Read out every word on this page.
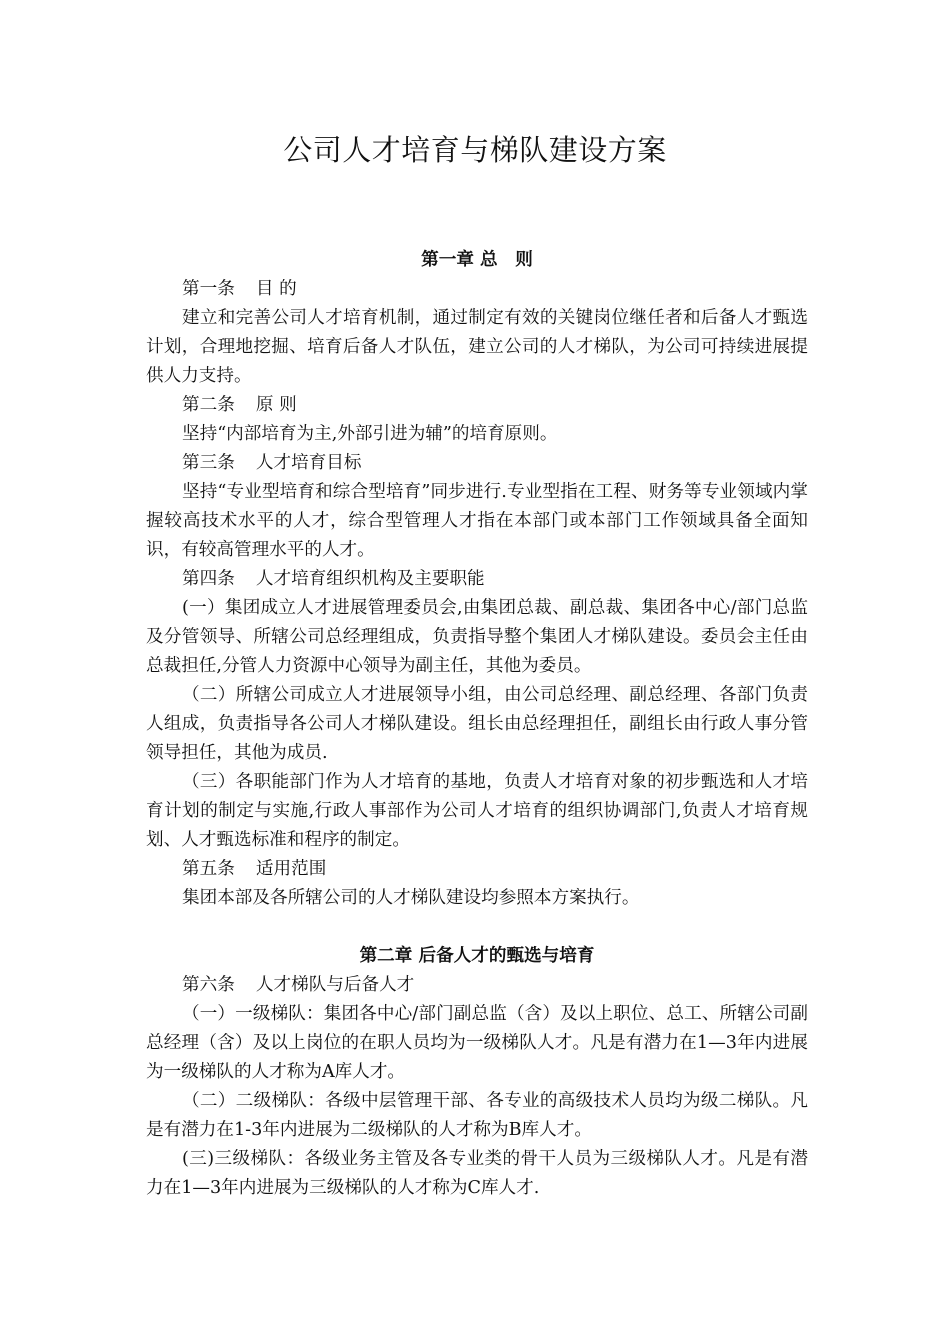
公司人才培育与梯队建设方案
第一章 总　则

第一条 目 的

建立和完善公司人才培育机制，通过制定有效的关键岗位继任者和后备人才甄选计划，合理地挖掘、培育后备人才队伍，建立公司的人才梯队，为公司可持续进展提供人力支持。

第二条 原 则

坚持“内部培育为主,外部引进为辅”的培育原则。

第三条 人才培育目标

坚持“专业型培育和综合型培育”同步进行.专业型指在工程、财务等专业领域内掌握较高技术水平的人才，综合型管理人才指在本部门或本部门工作领域具备全面知识，有较高管理水平的人才。

第四条 人才培育组织机构及主要职能

(一）集团成立人才进展管理委员会,由集团总裁、副总裁、集团各中心/部门总监及分管领导、所辖公司总经理组成，负责指导整个集团人才梯队建设。委员会主任由总裁担任,分管人力资源中心领导为副主任，其他为委员。

（二）所辖公司成立人才进展领导小组，由公司总经理、副总经理、各部门负责人组成，负责指导各公司人才梯队建设。组长由总经理担任，副组长由行政人事分管领导担任，其他为成员.

（三）各职能部门作为人才培育的基地，负责人才培育对象的初步甄选和人才培育计划的制定与实施,行政人事部作为公司人才培育的组织协调部门,负责人才培育规划、人才甄选标准和程序的制定。

第五条 适用范围

集团本部及各所辖公司的人才梯队建设均参照本方案执行。

第二章 后备人才的甄选与培育

第六条 人才梯队与后备人才

（一）一级梯队：集团各中心/部门副总监（含）及以上职位、总工、所辖公司副总经理（含）及以上岗位的在职人员均为一级梯队人才。凡是有潜力在1—3年内进展为一级梯队的人才称为A库人才。

（二）二级梯队：各级中层管理干部、各专业的高级技术人员均为级二梯队。凡是有潜力在1-3年内进展为二级梯队的人才称为B库人才。

(三)三级梯队：各级业务主管及各专业类的骨干人员为三级梯队人才。凡是有潜力在1—3年内进展为三级梯队的人才称为C库人才.
